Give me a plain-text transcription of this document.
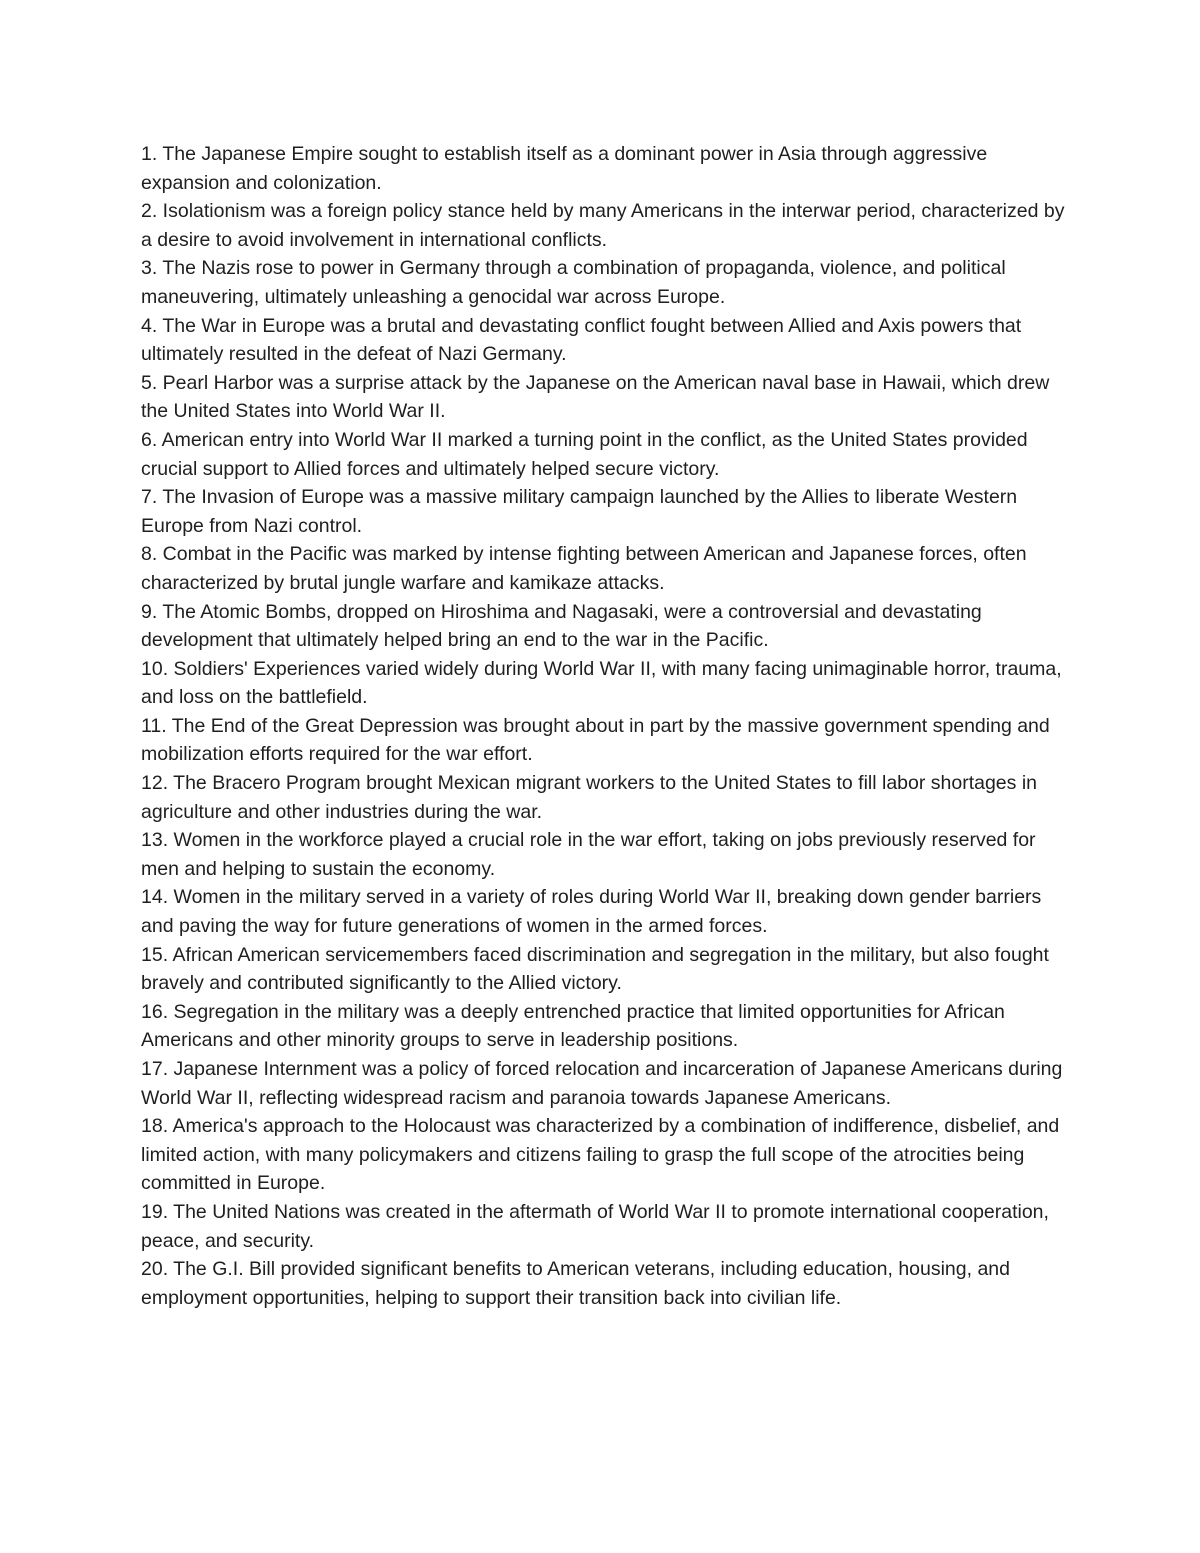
1. The Japanese Empire sought to establish itself as a dominant power in Asia through aggressive expansion and colonization.

2. Isolationism was a foreign policy stance held by many Americans in the interwar period, characterized by a desire to avoid involvement in international conflicts.

3. The Nazis rose to power in Germany through a combination of propaganda, violence, and political maneuvering, ultimately unleashing a genocidal war across Europe.

4. The War in Europe was a brutal and devastating conflict fought between Allied and Axis powers that ultimately resulted in the defeat of Nazi Germany.

5. Pearl Harbor was a surprise attack by the Japanese on the American naval base in Hawaii, which drew the United States into World War II.

6. American entry into World War II marked a turning point in the conflict, as the United States provided crucial support to Allied forces and ultimately helped secure victory.

7. The Invasion of Europe was a massive military campaign launched by the Allies to liberate Western Europe from Nazi control.

8. Combat in the Pacific was marked by intense fighting between American and Japanese forces, often characterized by brutal jungle warfare and kamikaze attacks.

9. The Atomic Bombs, dropped on Hiroshima and Nagasaki, were a controversial and devastating development that ultimately helped bring an end to the war in the Pacific.

10. Soldiers' Experiences varied widely during World War II, with many facing unimaginable horror, trauma, and loss on the battlefield.

11. The End of the Great Depression was brought about in part by the massive government spending and mobilization efforts required for the war effort.

12. The Bracero Program brought Mexican migrant workers to the United States to fill labor shortages in agriculture and other industries during the war.

13. Women in the workforce played a crucial role in the war effort, taking on jobs previously reserved for men and helping to sustain the economy.

14. Women in the military served in a variety of roles during World War II, breaking down gender barriers and paving the way for future generations of women in the armed forces.

15. African American servicemembers faced discrimination and segregation in the military, but also fought bravely and contributed significantly to the Allied victory.

16. Segregation in the military was a deeply entrenched practice that limited opportunities for African Americans and other minority groups to serve in leadership positions.

17. Japanese Internment was a policy of forced relocation and incarceration of Japanese Americans during World War II, reflecting widespread racism and paranoia towards Japanese Americans.

18. America's approach to the Holocaust was characterized by a combination of indifference, disbelief, and limited action, with many policymakers and citizens failing to grasp the full scope of the atrocities being committed in Europe.

19. The United Nations was created in the aftermath of World War II to promote international cooperation, peace, and security.

20. The G.I. Bill provided significant benefits to American veterans, including education, housing, and employment opportunities, helping to support their transition back into civilian life.
